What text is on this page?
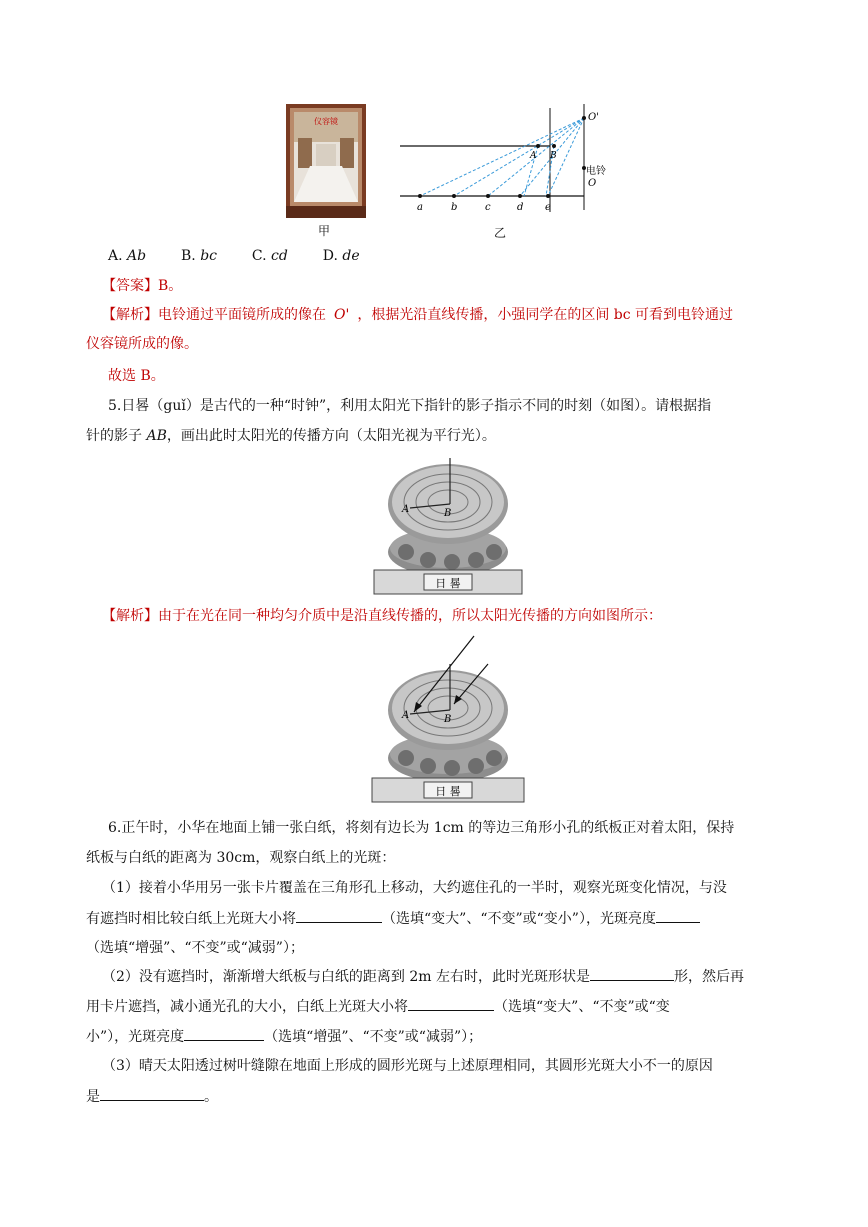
仪容镜
甲
O'
电铃
O
A B
a	b	c	d e
乙
A. Ab B. bc C. cd D. de
【答案】B。
【解析】电铃通过平面镜所成的像在 O' ，根据光沿直线传播，小强同学在的区间 bc 可看到电铃通过
仪容镜所成的像。
故选 B。
5.日晷（guǐ）是古代的一种“时钟”，利用太阳光下指针的影子指示不同的时刻（如图）。请根据指
针的影子 AB，画出此时太阳光的传播方向（太阳光视为平行光）。
A	B
日 晷
【解析】由于在光在同一种均匀介质中是沿直线传播的，所以太阳光传播的方向如图所示：
A	B
日 晷
6.正午时，小华在地面上铺一张白纸，将刻有边长为 1cm 的等边三角形小孔的纸板正对着太阳，保持
纸板与白纸的距离为 30cm，观察白纸上的光斑：
（1）接着小华用另一张卡片覆盖在三角形孔上移动，大约遮住孔的一半时，观察光斑变化情况，与没
有遮挡时相比较白纸上光斑大小将	（选填“变大”、“不变”或“变小”），光斑亮度
（选填“增强”、“不变”或“减弱”）；
（2）没有遮挡时，渐渐增大纸板与白纸的距离到 2m 左右时，此时光斑形状是	形，然后再
用卡片遮挡，减小通光孔的大小，白纸上光斑大小将	（选填“变大”、“不变”或“变
小”），光斑亮度	（选填“增强”、“不变”或“减弱”）；
（3）晴天太阳透过树叶缝隙在地面上形成的圆形光斑与上述原理相同，其圆形光斑大小不一的原因
是	。
